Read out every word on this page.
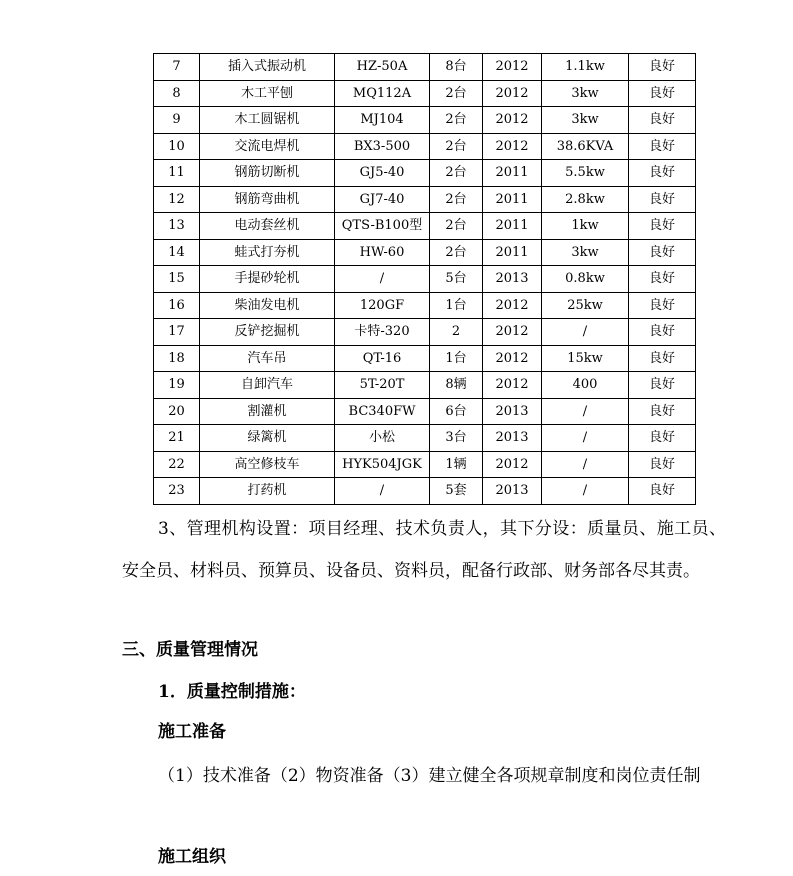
7	插入式振动机	HZ-50A	8台	2012	1.1kw	良好
8	木工平刨	MQ112A	2台	2012	3kw	良好
9	木工圆锯机	MJ104	2台	2012	3kw	良好
10	交流电焊机	BX3-500	2台	2012	38.6KVA	良好
11	钢筋切断机	GJ5-40	2台	2011	5.5kw	良好
12	钢筋弯曲机	GJ7-40	2台	2011	2.8kw	良好
13	电动套丝机	QTS-B100型	2台	2011	1kw	良好
14	蛙式打夯机	HW-60	2台	2011	3kw	良好
15	手提砂轮机	/	5台	2013	0.8kw	良好
16	柴油发电机	120GF	1台	2012	25kw	良好
17	反铲挖掘机	卡特-320	2	2012	/	良好
18	汽车吊	QT-16	1台	2012	15kw	良好
19	自卸汽车	5T-20T	8辆	2012	400	良好
20	割灌机	BC340FW	6台	2013	/	良好
21	绿篱机	小松	3台	2013	/	良好
22	高空修枝车	HYK504JGK	1辆	2012	/	良好
23	打药机	/	5套	2013	/	良好

3、管理机构设置：项目经理、技术负责人，其下分设：质量员、施工员、安全员、材料员、预算员、设备员、资料员，配备行政部、财务部各尽其责。

三、质量管理情况

1．质量控制措施：

施工准备

（1）技术准备（2）物资准备（3）建立健全各项规章制度和岗位责任制

施工组织
